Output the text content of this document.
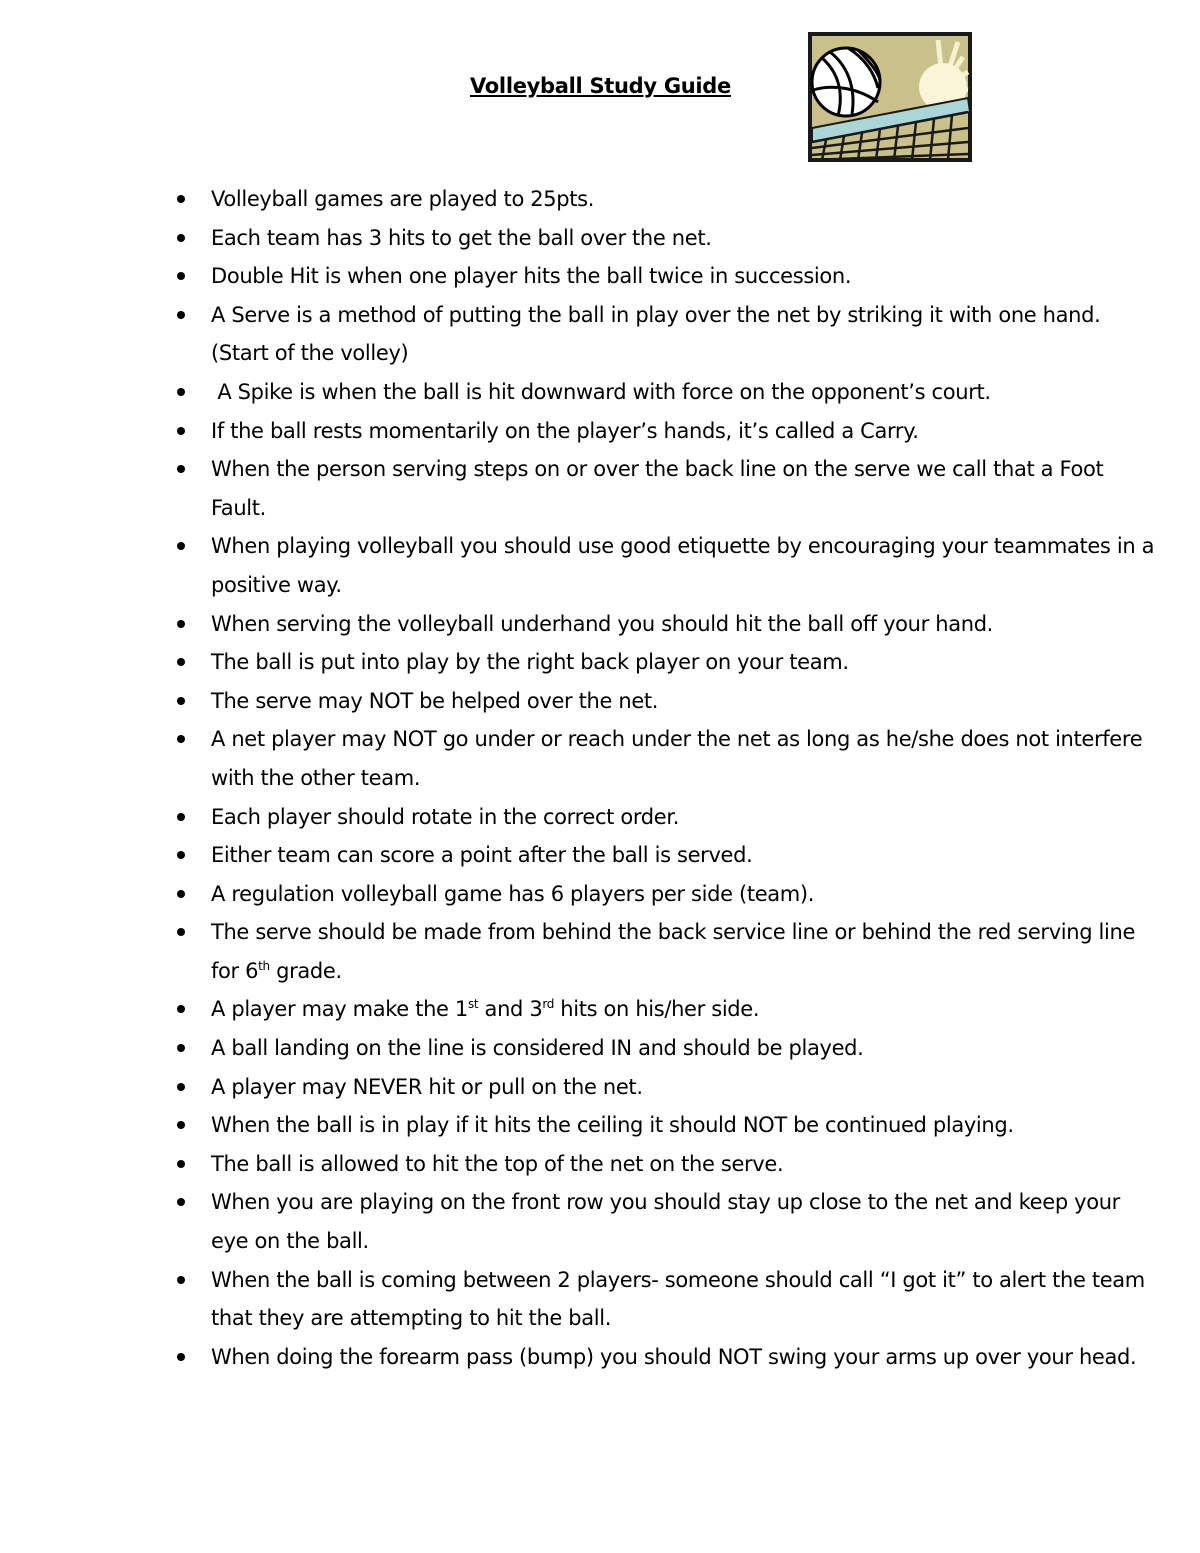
Volleyball Study Guide
Volleyball games are played to 25pts.
Each team has 3 hits to get the ball over the net.
Double Hit is when one player hits the ball twice in succession.
A Serve is a method of putting the ball in play over the net by striking it with one hand. (Start of the volley)
A Spike is when the ball is hit downward with force on the opponent’s court.
If the ball rests momentarily on the player’s hands, it’s called a Carry.
When the person serving steps on or over the back line on the serve we call that a Foot Fault.
When playing volleyball you should use good etiquette by encouraging your teammates in a positive way.
When serving the volleyball underhand you should hit the ball off your hand.
The ball is put into play by the right back player on your team.
The serve may NOT be helped over the net.
A net player may NOT go under or reach under the net as long as he/she does not interfere with the other team.
Each player should rotate in the correct order.
Either team can score a point after the ball is served.
A regulation volleyball game has 6 players per side (team).
The serve should be made from behind the back service line or behind the red serving line for 6th grade.
A player may make the 1st and 3rd hits on his/her side.
A ball landing on the line is considered IN and should be played.
A player may NEVER hit or pull on the net.
When the ball is in play if it hits the ceiling it should NOT be continued playing.
The ball is allowed to hit the top of the net on the serve.
When you are playing on the front row you should stay up close to the net and keep your eye on the ball.
When the ball is coming between 2 players- someone should call “I got it” to alert the team that they are attempting to hit the ball.
When doing the forearm pass (bump) you should NOT swing your arms up over your head.
